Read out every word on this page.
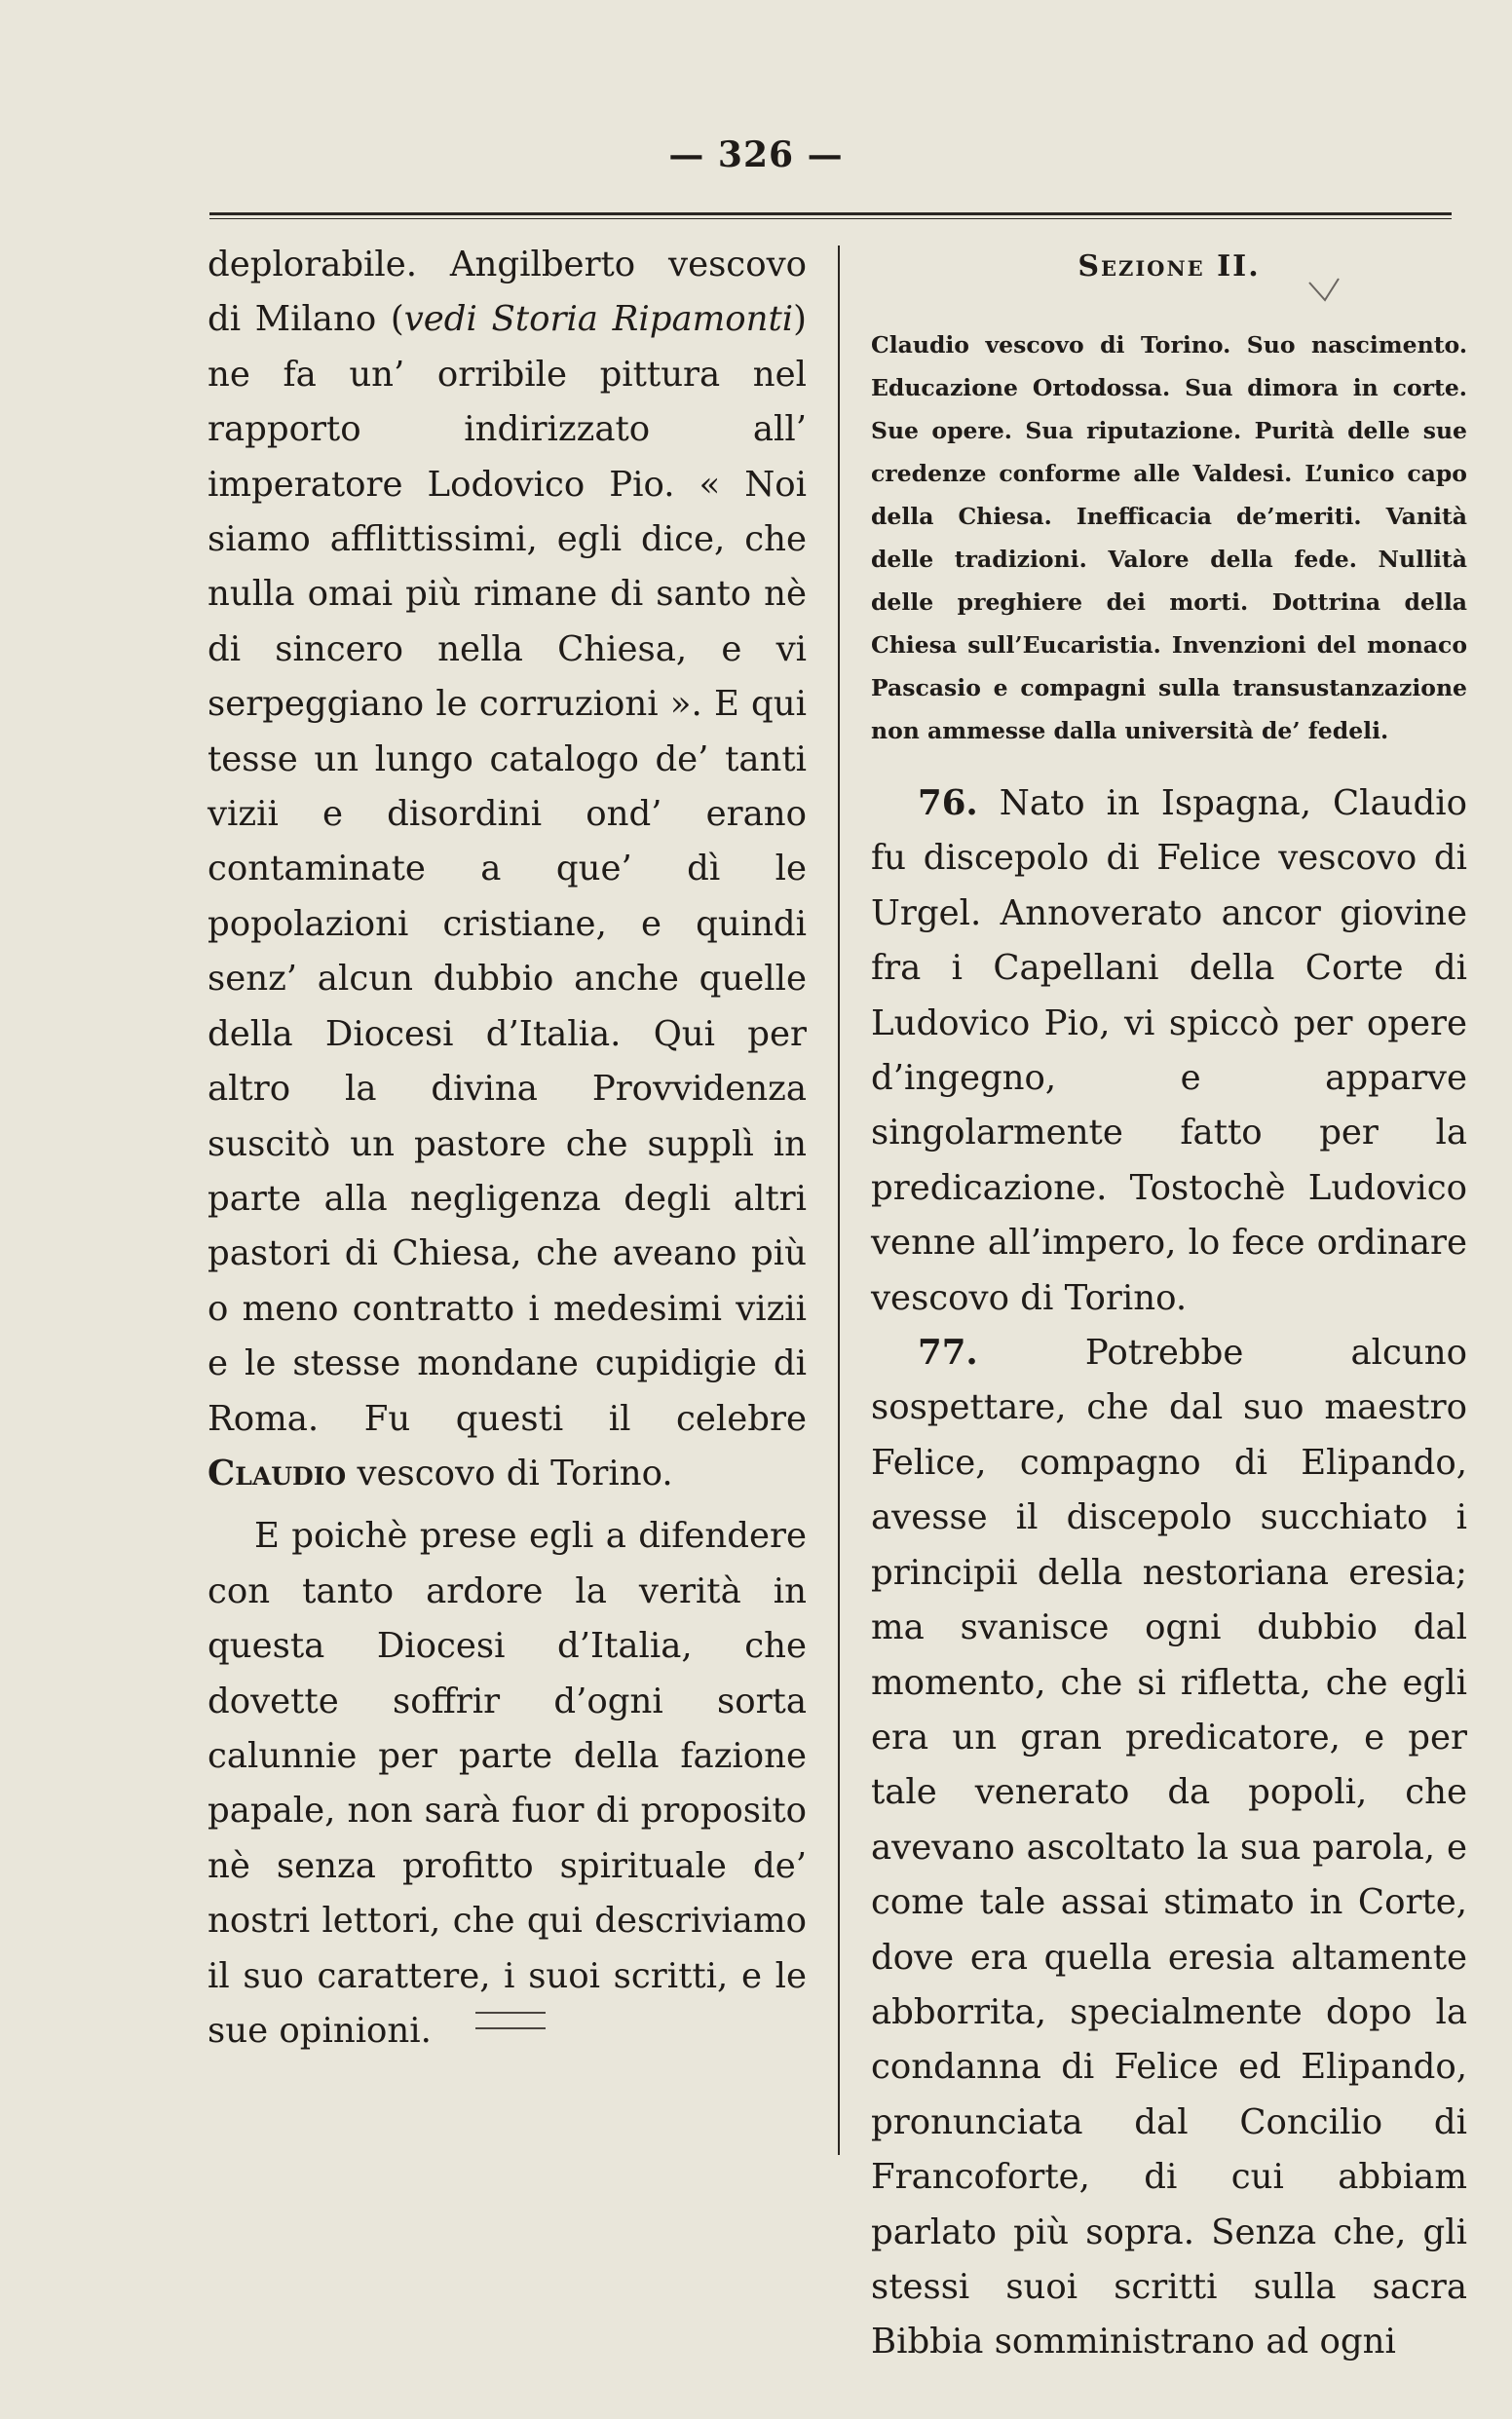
— 326 —

deplorabile. Angilberto vescovo di Milano (vedi Storia Ripamonti) ne fa un’ orribile pittura nel rapporto indirizzato all’ imperatore Lodovico Pio. « Noi siamo afflittissimi, egli dice, che nulla omai più rimane di santo nè di sincero nella Chiesa, e vi serpeggiano le corruzioni ». E qui tesse un lungo catalogo de’ tanti vizii e disordini ond’ erano contaminate a que’ dì le popolazioni cristiane, e quindi senz’ alcun dubbio anche quelle della Diocesi d’Italia. Qui per altro la divina Provvidenza suscitò un pastore che supplì in parte alla negligenza degli altri pastori di Chiesa, che aveano più o meno contratto i medesimi vizii e le stesse mondane cupidigie di Roma. Fu questi il celebre Claudio vescovo di Torino.

E poichè prese egli a difendere con tanto ardore la verità in questa Diocesi d’Italia, che dovette soffrir d’ogni sorta calunnie per parte della fazione papale, non sarà fuor di proposito nè senza profitto spirituale de’ nostri lettori, che qui descriviamo il suo carattere, i suoi scritti, e le sue opinioni.

Sezione II.

Claudio vescovo di Torino. Suo nascimento. Educazione Ortodossa. Sua dimora in corte. Sue opere. Sua riputazione. Purità delle sue credenze conforme alle Valdesi. L’unico capo della Chiesa. Inefficacia de’meriti. Vanità delle tradizioni. Valore della fede. Nullità delle preghiere dei morti. Dottrina della Chiesa sull’Eucaristia. Invenzioni del monaco Pascasio e compagni sulla transustanzazione non ammesse dalla università de’ fedeli.

76. Nato in Ispagna, Claudio fu discepolo di Felice vescovo di Urgel. Annoverato ancor giovine fra i Capellani della Corte di Ludovico Pio, vi spiccò per opere d’ingegno, e apparve singolarmente fatto per la predicazione. Tostochè Ludovico venne all’impero, lo fece ordinare vescovo di Torino.

77. Potrebbe alcuno sospettare, che dal suo maestro Felice, compagno di Elipando, avesse il discepolo succhiato i principii della nestoriana eresia; ma svanisce ogni dubbio dal momento, che si rifletta, che egli era un gran predicatore, e per tale venerato da popoli, che avevano ascoltato la sua parola, e come tale assai stimato in Corte, dove era quella eresia altamente abborrita, specialmente dopo la condanna di Felice ed Elipando, pronunciata dal Concilio di Francoforte, di cui abbiam parlato più sopra. Senza che, gli stessi suoi scritti sulla sacra Bibbia somministrano ad ogni
